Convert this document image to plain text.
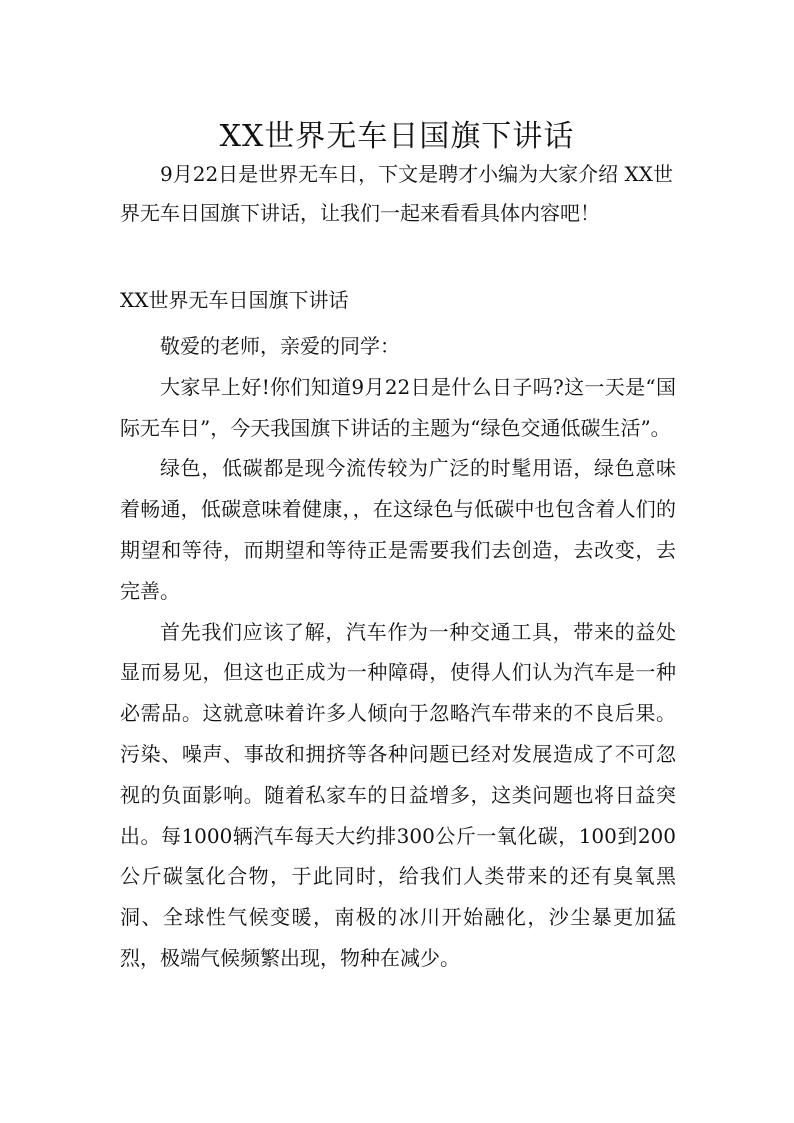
XX世界无车日国旗下讲话

9月22日是世界无车日，下文是聘才小编为大家介绍 XX世界无车日国旗下讲话，让我们一起来看看具体内容吧！

XX世界无车日国旗下讲话

敬爱的老师，亲爱的同学：

大家早上好!你们知道9月22日是什么日子吗?这一天是“国际无车日”，今天我国旗下讲话的主题为“绿色交通低碳生活”。

绿色，低碳都是现今流传较为广泛的时髦用语，绿色意味着畅通，低碳意味着健康，，在这绿色与低碳中也包含着人们的期望和等待，而期望和等待正是需要我们去创造，去改变，去完善。

首先我们应该了解，汽车作为一种交通工具，带来的益处显而易见，但这也正成为一种障碍，使得人们认为汽车是一种必需品。这就意味着许多人倾向于忽略汽车带来的不良后果。污染、噪声、事故和拥挤等各种问题已经对发展造成了不可忽视的负面影响。随着私家车的日益增多，这类问题也将日益突出。每1000辆汽车每天大约排300公斤一氧化碳，100到200公斤碳氢化合物，于此同时，给我们人类带来的还有臭氧黑洞、全球性气候变暖，南极的冰川开始融化，沙尘暴更加猛烈，极端气候频繁出现，物种在减少。
